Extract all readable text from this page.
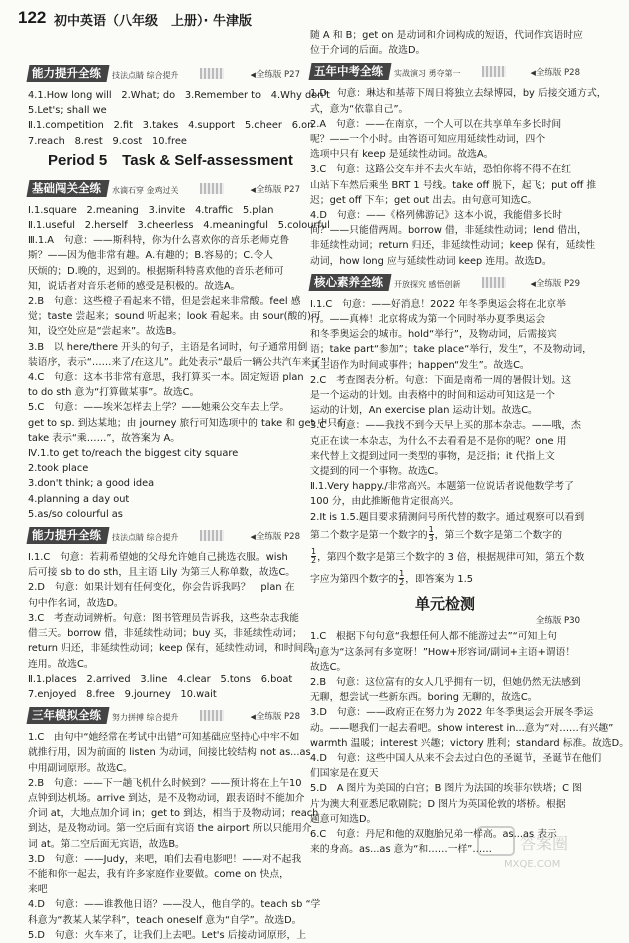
122 初中英语（八年级　上册）· 牛津版
能力提升全练	技法点睛 综合提升	◀ 全练版 P27
4.1.How long will　2.What; do　3.Remember to　4.Why don't
5.Let's; shall we
Ⅱ.1.competition　2.fit　3.takes　4.support　5.cheer　6.on
7.reach　8.rest　9.cost　10.free
Period 5　Task & Self-assessment
基础闯关全练	水滴石穿 金鸡过关	◀ 全练版 P27
Ⅰ.1.square　2.meaning　3.invite　4.traffic　5.plan
Ⅱ.1.useful　2.herself　3.cheerless　4.meaningful　5.colourful
Ⅲ.1.A　句意：——斯科特，你为什么喜欢你的音乐老师克鲁
斯？——因为他非常有趣。A.有趣的；B.容易的；C.令人
厌烦的；D.晚的，迟到的。根据斯科特喜欢他的音乐老师可
知，说话者对音乐老师的感受是积极的。故选A。
2.B　句意：这些橙子看起来不错，但是尝起来非常酸。feel 感
觉；taste 尝起来；sound 听起来；look 看起来。由 sour(酸的)可
知，设空处应是“尝起来”。故选B。
3.B　以 here/there 开头的句子，主语是名词时，句子通常用倒
装语序，表示“……来了/在这儿”。此处表示“最后一辆公共汽车来了”！
4.C　句意：这本书非常有意思，我打算买一本。固定短语 plan
to do sth 意为“打算做某事”。故选C。
5.C　句意：——埃米怎样去上学？——她乘公交车去上学。
get to sp. 到达某地；由 journey 旅行可知选项中的 take 和 get 中只有
take 表示“乘……”，故答案为 A。
Ⅳ.1.to get to/reach the biggest city square
2.took place
3.don't think; a good idea
4.planning a day out
5.as/so colourful as
能力提升全练	技法点睛 综合提升	◀ 全练版 P28
Ⅰ.1.C　句意：若莉希望她的父母允许她自己挑选衣服。wish
后可接 sb to do sth，且主语 Lily 为第三人称单数，故选C。
2.D　句意：如果计划有任何变化，你会告诉我吗？　plan 在
句中作名词，故选D。
3.C　考查动词辨析。句意：图书管理员告诉我，这些杂志我能
借三天。borrow 借，非延续性动词；buy 买，非延续性动词；
return 归还，非延续性动词；keep 保有，延续性动词，和时间段
连用。故选C。
Ⅱ.1.places　2.arrived　3.line　4.clear　5.tons　6.boat
7.enjoyed　8.free　9.journey　10.wait
三年模拟全练	努力拼搏 综合提升	◀ 全练版 P28
1.C　由句中“她经常在考试中出错”可知基础应坚持心中牢不如
就推行用，因为前面的 listen 为动词，间接比较结构 not as...as
中用副词原形。故选C。
2.B　句意：——下一趟飞机什么时候到？——预计将在上午10
点钟到达机场。arrive 到达，是不及物动词，跟表语时不能加介
介词 at，大地点加介词 in；get to 到达，相当于及物动词；reach
到达，是及物动词。第一空后面有宾语 the airport 所以只能用介
词 at。第二空后面无宾语，故选B。
3.D　句意：——Judy，来吧，咱们去看电影吧！——对不起我
不能和你一起去，我有许多家庭作业要做。come on 快点，
来吧
4.D　句意：——谁教他日语？——没人，他自学的。teach sb “学
科意为“教某人某学科”，teach oneself 意为“自学”。故选D。
5.D　句意：火车来了，让我们上去吧。Let's 后接动词原形，上
随 A 和 B；get on 是动词和介词构成的短语，代词作宾语时应
位于介词的后面。故选D。
五年中考全练	实战演习 勇夺第一	◀ 全练版 P28
1.D　句意：琳达和基蒂下周日将独立去绿博园，by 后接交通方式，
式，意为“依靠自己”。
2.A　句意：——在南京，一个人可以在共享单车多长时间
呢？——一个小时。由答语可知应用延续性动词，四个
选项中只有 keep 是延续性动词。故选A。
3.C　句意：这路公交车并不去火车站，恐怕你将不得不在红
山站下车然后乘坐 BRT 1 号线。take off 脱下，起飞；put off 推
迟；get off 下车；get out 出去。由句意可知选C。
4.D　句意：——《格列佛游记》这本小说，我能借多长时
间？——只能借两周。borrow 借，非延续性动词；lend 借出，
非延续性动词；return 归还，非延续性动词；keep 保有，延续性
动词，how long 应与延续性动词 keep 连用。故选D。
核心素养全练	开放探究 感悟创新	◀ 全练版 P29
Ⅰ.1.C　句意：——好消息！2022 年冬季奥运会将在北京举
行。——真棒！北京将成为第一个同时举办夏季奥运会
和冬季奥运会的城市。hold“举行”，及物动词，后需接宾
语；take part“参加”；take place“举行，发生”，不及物动词，
其主语作为时间或事件；happen“发生”。故选C。
2.C　考查图表分析。句意：下面是南希一周的暑假计划。这
是一个运动的计划。由表格中的时间和运动可知这是一个
运动的计划，An exercise plan 运动计划。故选C。
3.C　句意：——我找不到今天早上买的那本杂志。——哦，杰
克正在读一本杂志，为什么不去看看是不是你的呢？one 用
来代替上文提到过同一类型的事物，是泛指；it 代指上文
文提到的同一个事物。故选C。
Ⅱ.1.Very happy./非常高兴。本题第一位说话者说他数学考了
100 分，由此推断他肯定很高兴。
2.It is 1.5.题目要求猜测问号所代替的数字。通过观察可以看到
第二个数字是第一个数字的 $\frac{1}{3}$ ，第三个数字是第二个数字的
$\frac{1}{2}$ ，第四个数字是第三个数字的 3 倍，根据规律可知，第五个数
字应为第四个数字的 $\frac{1}{2}$ ，即答案为 1.5
单元检测
全练版 P30
1.C　根据下句句意“我想任何人都不能游过去”“可知上句
句意为“这条河有多宽呀！”How+形容词/副词+主语+谓语！
故选C。
2.B　句意：这位富有的女人几乎拥有一切，但她仍然无法感到
无聊，想尝试一些新东西。boring 无聊的，故选C。
3.D　句意：——政府正在努力为 2022 年冬季奥运会开展冬季运
动。——嗯我们一起去看吧。show interest in...意为“对……有兴趣”
warmth 温暖；interest 兴趣；victory 胜利；standard 标准。故选D。
4.D　句意：这些中国人从来不会去过白色的圣诞节，圣诞节在他们
们国家是在夏天
5.D　A 图片为美国的白宫；B 图片为法国的埃菲尔铁塔；C 图
片为澳大利亚悉尼歌剧院；D 图片为英国伦敦的塔桥。根据
题意可知选D。
6.C　句意：丹尼和他的双胞胎兄弟一样高。as...as 表示
来的身高。as...as 意为“和……一样”……	答案圈
MXQE.COM
